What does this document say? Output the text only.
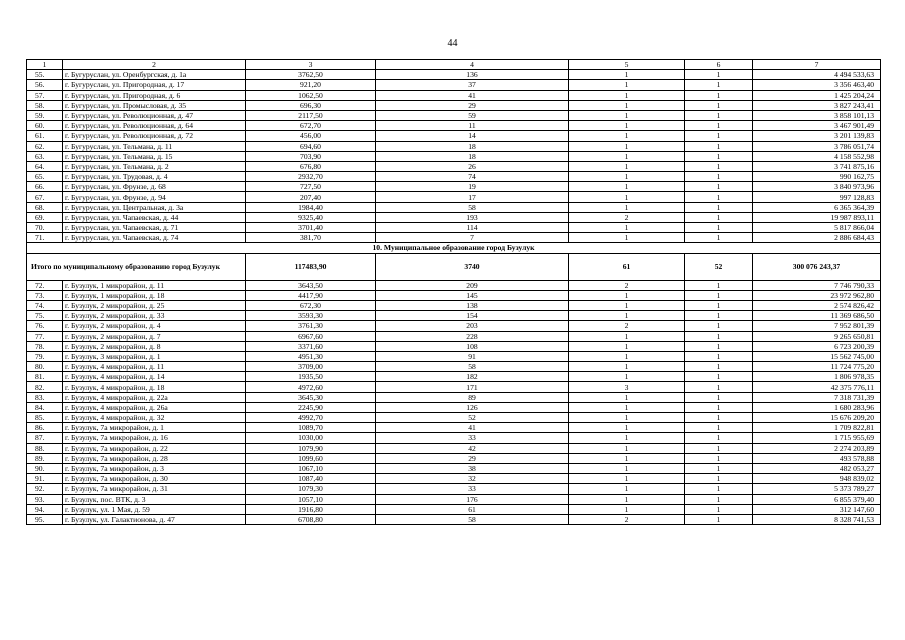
44
1	2	3	4	5	6	7
55.	г. Бугуруслан, ул. Оренбургская, д. 1а	3762,50	136	1	1	4 494 533,63
56.	г. Бугуруслан, ул. Пригородная, д. 17	921,20	37	1	1	3 356 463,40
57.	г. Бугуруслан, ул. Пригородная, д. 6	1062,50	41	1	1	1 425 204,24
58.	г. Бугуруслан, ул. Промысловая, д. 35	696,30	29	1	1	3 827 243,41
59.	г. Бугуруслан, ул. Революционная, д. 47	2117,50	59	1	1	3 858 101,13
60.	г. Бугуруслан, ул. Революционная, д. 64	672,70	11	1	1	3 467 901,49
61.	г. Бугуруслан, ул. Революционная, д. 72	456,00	14	1	1	3 201 139,83
62.	г. Бугуруслан, ул. Тельмана, д. 11	694,60	18	1	1	3 786 051,74
63.	г. Бугуруслан, ул. Тельмана, д. 15	703,90	18	1	1	4 158 552,98
64.	г. Бугуруслан, ул. Тельмана, д. 2	676,80	26	1	1	3 741 875,16
65.	г. Бугуруслан, ул. Трудовая, д. 4	2932,70	74	1	1	990 162,75
66.	г. Бугуруслан, ул. Фрунзе, д. 68	727,50	19	1	1	3 840 973,96
67.	г. Бугуруслан, ул. Фрунзе, д. 94	207,40	17	1	1	997 128,83
68.	г. Бугуруслан, ул. Центральная, д. 3а	1984,40	58	1	1	6 365 364,39
69.	г. Бугуруслан, ул. Чапаевская, д. 44	9325,40	193	2	1	19 987 893,11
70.	г. Бугуруслан, ул. Чапаевская, д. 71	3701,40	114	1	1	5 817 866,04
71.	г. Бугуруслан, ул. Чапаевская, д. 74	381,70	7	1	1	2 886 684,43
10. Муниципальное образование город Бузулук						
Итого по муниципальному образованию город Бузулук		117483,90	3740	61	52	300 076 243,37
72.	г. Бузулук, 1 микрорайон, д. 11	3643,50	209	2	1	7 746 790,33
73.	г. Бузулук, 1 микрорайон, д. 18	4417,90	145	1	1	23 972 962,80
74.	г. Бузулук, 2 микрорайон, д. 25	672,30	138	1	1	2 574 826,42
75.	г. Бузулук, 2 микрорайон, д. 33	3593,30	154	1	1	11 369 686,50
76.	г. Бузулук, 2 микрорайон, д. 4	3761,30	203	2	1	7 952 801,39
77.	г. Бузулук, 2 микрорайон, д. 7	6967,60	228	1	1	9 265 650,81
78.	г. Бузулук, 2 микрорайон, д. 8	3371,60	108	1	1	6 723 200,39
79.	г. Бузулук, 3 микрорайон, д. 1	4951,30	91	1	1	15 562 745,00
80.	г. Бузулук, 4 микрорайон, д. 11	3709,00	58	1	1	11 724 775,20
81.	г. Бузулук, 4 микрорайон, д. 14	1935,50	182	1	1	1 806 978,35
82.	г. Бузулук, 4 микрорайон, д. 18	4972,60	171	3	1	42 375 776,11
83.	г. Бузулук, 4 микрорайон, д. 22а	3645,30	89	1	1	7 318 731,39
84.	г. Бузулук, 4 микрорайон, д. 26а	2245,90	126	1	1	1 680 283,96
85.	г. Бузулук, 4 микрорайон, д. 32	4992,70	52	1	1	15 676 209,20
86.	г. Бузулук, 7а микрорайон, д. 1	1089,70	41	1	1	1 709 822,81
87.	г. Бузулук, 7а микрорайон, д. 16	1030,00	33	1	1	1 715 955,69
88.	г. Бузулук, 7а микрорайон, д. 22	1079,90	42	1	1	2 274 203,89
89.	г. Бузулук, 7а микрорайон, д. 28	1099,60	29	1	1	493 578,88
90.	г. Бузулук, 7а микрорайон, д. 3	1067,10	38	1	1	482 053,27
91.	г. Бузулук, 7а микрорайон, д. 30	1087,40	32	1	1	948 839,02
92.	г. Бузулук, 7а микрорайон, д. 31	1079,30	33	1	1	5 373 789,27
93.	г. Бузулук, пос. ВТК, д. 3	1057,10	176	1	1	6 855 379,40
94.	г. Бузулук, ул. 1 Мая, д. 59	1916,80	61	1	1	312 147,60
95.	г. Бузулук, ул. Галактионова, д. 47	6708,80	58	2	1	8 328 741,53
